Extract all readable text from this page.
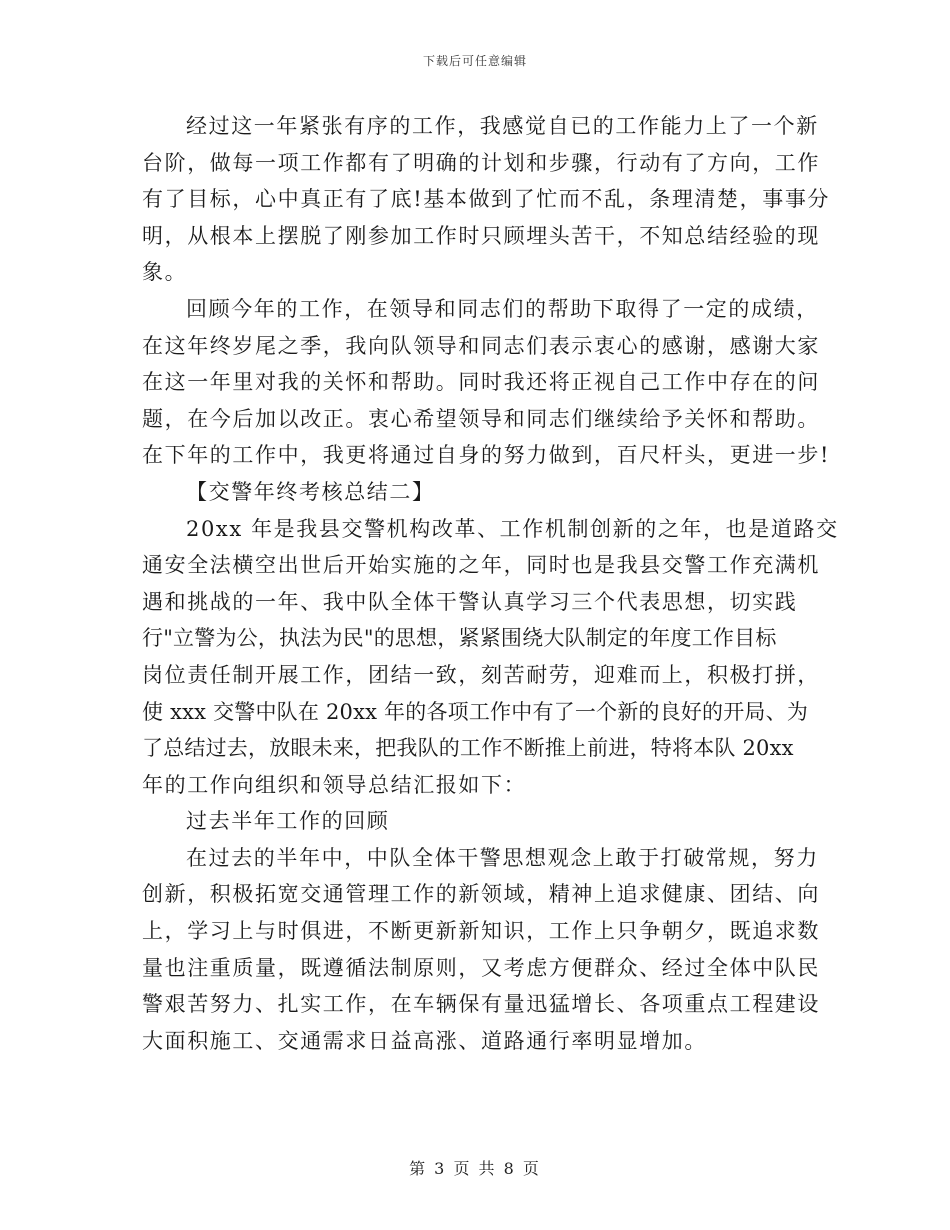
下载后可任意编辑
经过这一年紧张有序的工作，我感觉自已的工作能力上了一个新
台阶，做每一项工作都有了明确的计划和步骤，行动有了方向，工作
有了目标，心中真正有了底!基本做到了忙而不乱，条理清楚，事事分
明，从根本上摆脱了刚参加工作时只顾埋头苦干，不知总结经验的现
象。
回顾今年的工作，在领导和同志们的帮助下取得了一定的成绩，
在这年终岁尾之季，我向队领导和同志们表示衷心的感谢，感谢大家
在这一年里对我的关怀和帮助。同时我还将正视自己工作中存在的问
题，在今后加以改正。衷心希望领导和同志们继续给予关怀和帮助。
在下年的工作中，我更将通过自身的努力做到，百尺杆头，更进一步!
【交警年终考核总结二】
20xx 年是我县交警机构改革、工作机制创新的之年，也是道路交
通安全法横空出世后开始实施的之年，同时也是我县交警工作充满机
遇和挑战的一年、我中队全体干警认真学习三个代表思想，切实践
行"立警为公，执法为民"的思想，紧紧围绕大队制定的年度工作目标
岗位责任制开展工作，团结一致，刻苦耐劳，迎难而上，积极打拼，
使 xxx 交警中队在 20xx 年的各项工作中有了一个新的良好的开局、为
了总结过去，放眼未来，把我队的工作不断推上前进，特将本队 20xx
年的工作向组织和领导总结汇报如下：
过去半年工作的回顾
在过去的半年中，中队全体干警思想观念上敢于打破常规，努力
创新，积极拓宽交通管理工作的新领域，精神上追求健康、团结、向
上，学习上与时俱进，不断更新新知识，工作上只争朝夕，既追求数
量也注重质量，既遵循法制原则，又考虑方便群众、经过全体中队民
警艰苦努力、扎实工作，在车辆保有量迅猛增长、各项重点工程建设
大面积施工、交通需求日益高涨、道路通行率明显增加。
第 3 页 共 8 页
